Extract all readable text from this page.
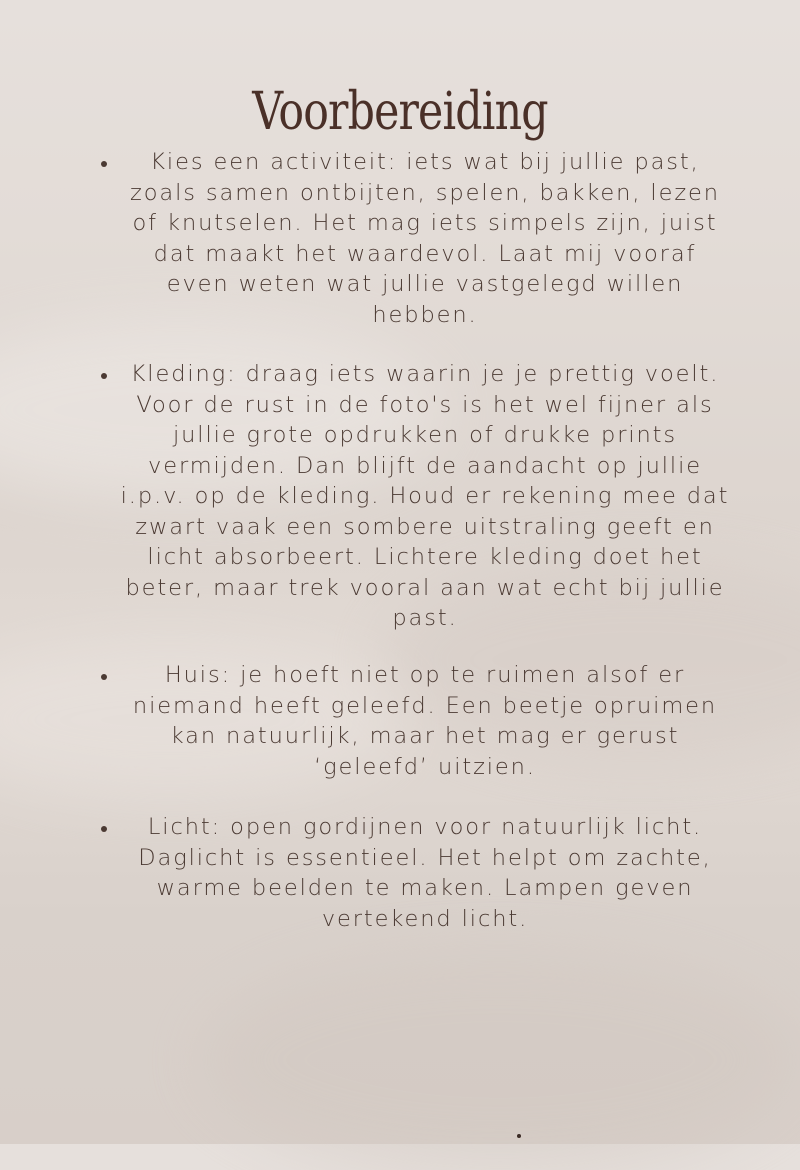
Voorbereiding
Kies een activiteit: iets wat bij jullie past, zoals samen ontbijten, spelen, bakken, lezen of knutselen. Het mag iets simpels zijn, juist dat maakt het waardevol. Laat mij vooraf even weten wat jullie vastgelegd willen hebben.
Kleding: draag iets waarin je je prettig voelt. Voor de rust in de foto's is het wel fijner als jullie grote opdrukken of drukke prints vermijden. Dan blijft de aandacht op jullie i.p.v. op de kleding. Houd er rekening mee dat zwart vaak een sombere uitstraling geeft en licht absorbeert. Lichtere kleding doet het beter, maar trek vooral aan wat echt bij jullie past.
Huis: je hoeft niet op te ruimen alsof er niemand heeft geleefd. Een beetje opruimen kan natuurlijk, maar het mag er gerust ‘geleefd’ uitzien.
Licht: open gordijnen voor natuurlijk licht. Daglicht is essentieel. Het helpt om zachte, warme beelden te maken. Lampen geven vertekend licht.
